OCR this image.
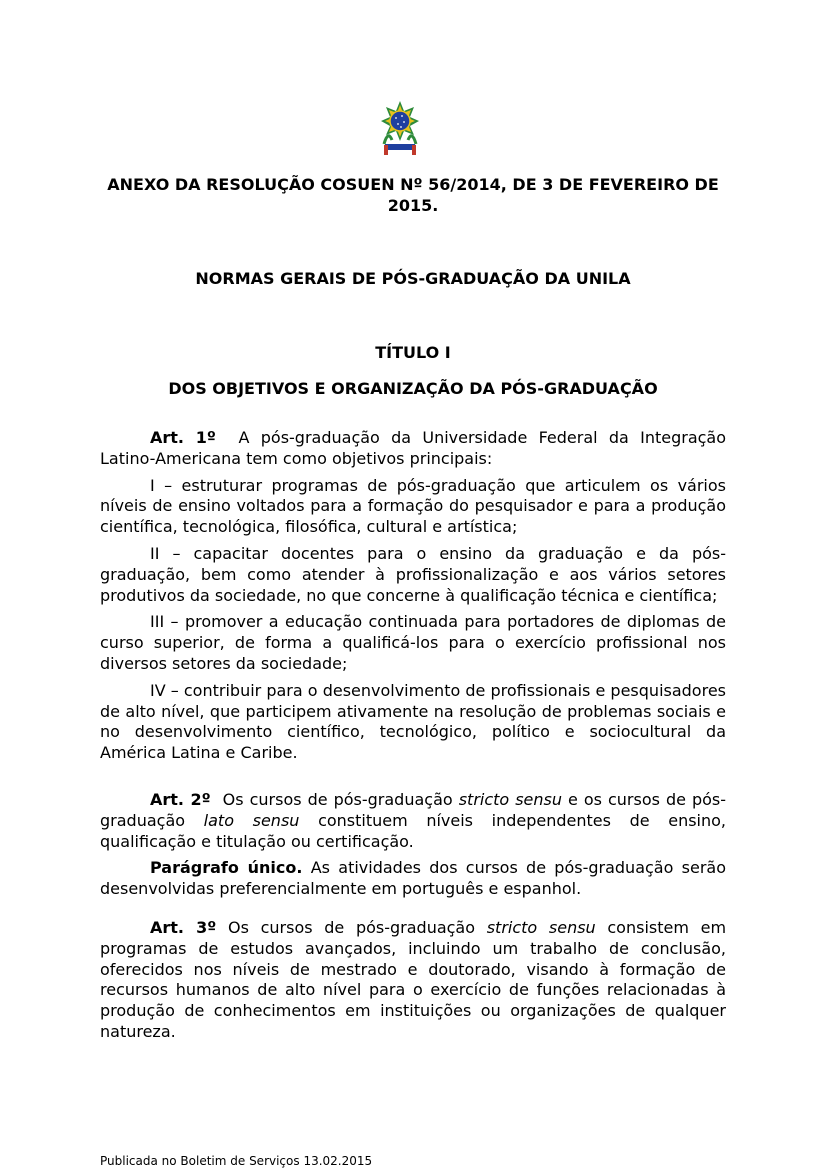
ANEXO DA RESOLUÇÃO COSUEN Nº 56/2014, DE 3 DE FEVEREIRO DE 2015.
NORMAS GERAIS DE PÓS-GRADUAÇÃO DA UNILA
TÍTULO I
DOS OBJETIVOS E ORGANIZAÇÃO DA PÓS-GRADUAÇÃO

Art. 1º A pós-graduação da Universidade Federal da Integração Latino-Americana tem como objetivos principais:

I – estruturar programas de pós-graduação que articulem os vários níveis de ensino voltados para a formação do pesquisador e para a produção científica, tecnológica, filosófica, cultural e artística;

II – capacitar docentes para o ensino da graduação e da pós-graduação, bem como atender à profissionalização e aos vários setores produtivos da sociedade, no que concerne à qualificação técnica e científica;

III – promover a educação continuada para portadores de diplomas de curso superior, de forma a qualificá-los para o exercício profissional nos diversos setores da sociedade;

IV – contribuir para o desenvolvimento de profissionais e pesquisadores de alto nível, que participem ativamente na resolução de problemas sociais e no desenvolvimento científico, tecnológico, político e sociocultural da América Latina e Caribe.

Art. 2º Os cursos de pós-graduação stricto sensu e os cursos de pós-graduação lato sensu constituem níveis independentes de ensino, qualificação e titulação ou certificação.

Parágrafo único. As atividades dos cursos de pós-graduação serão desenvolvidas preferencialmente em português e espanhol.

Art. 3º Os cursos de pós-graduação stricto sensu consistem em programas de estudos avançados, incluindo um trabalho de conclusão, oferecidos nos níveis de mestrado e doutorado, visando à formação de recursos humanos de alto nível para o exercício de funções relacionadas à produção de conhecimentos em instituições ou organizações de qualquer natureza.

Publicada no Boletim de Serviços 13.02.2015
